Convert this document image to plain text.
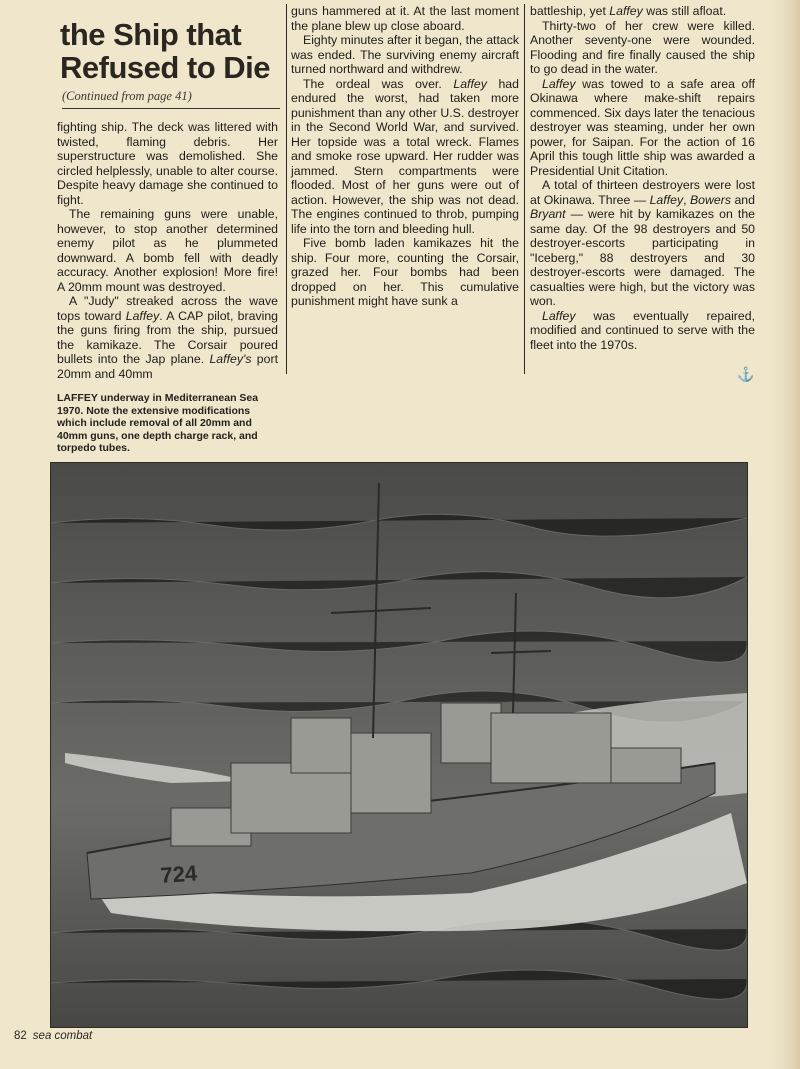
the Ship that
Refused to Die
(Continued from page 41)

fighting ship. The deck was littered with twisted, flaming debris. Her superstructure was demolished. She circled helplessly, unable to alter course. Despite heavy damage she continued to fight.

The remaining guns were unable, however, to stop another determined enemy pilot as he plummeted downward. A bomb fell with deadly accuracy. Another explosion! More fire! A 20mm mount was destroyed.

A "Judy" streaked across the wave tops toward Laffey. A CAP pilot, braving the guns firing from the ship, pursued the kamikaze. The Corsair poured bullets into the Jap plane. Laffey's port 20mm and 40mm

guns hammered at it. At the last moment the plane blew up close aboard.

Eighty minutes after it began, the attack was ended. The surviving enemy aircraft turned northward and withdrew.

The ordeal was over. Laffey had endured the worst, had taken more punishment than any other U.S. destroyer in the Second World War, and survived. Her topside was a total wreck. Flames and smoke rose upward. Her rudder was jammed. Stern compartments were flooded. Most of her guns were out of action. However, the ship was not dead. The engines continued to throb, pumping life into the torn and bleeding hull.

Five bomb laden kamikazes hit the ship. Four more, counting the Corsair, grazed her. Four bombs had been dropped on her. This cumulative punishment might have sunk a

battleship, yet Laffey was still afloat.

Thirty-two of her crew were killed. Another seventy-one were wounded. Flooding and fire finally caused the ship to go dead in the water.

Laffey was towed to a safe area off Okinawa where make-shift repairs commenced. Six days later the tenacious destroyer was steaming, under her own power, for Saipan. For the action of 16 April this tough little ship was awarded a Presidential Unit Citation.

A total of thirteen destroyers were lost at Okinawa. Three — Laffey, Bowers and Bryant — were hit by kamikazes on the same day. Of the 98 destroyers and 50 destroyer-escorts participating in "Iceberg," 88 destroyers and 30 destroyer-escorts were damaged. The casualties were high, but the victory was won.

Laffey was eventually repaired, modified and continued to serve with the fleet into the 1970s.

⚓
LAFFEY underway in Mediterranean Sea 1970. Note the extensive modifications which include removal of all 20mm and 40mm guns, one depth charge rack, and torpedo tubes.
724
82 sea combat
